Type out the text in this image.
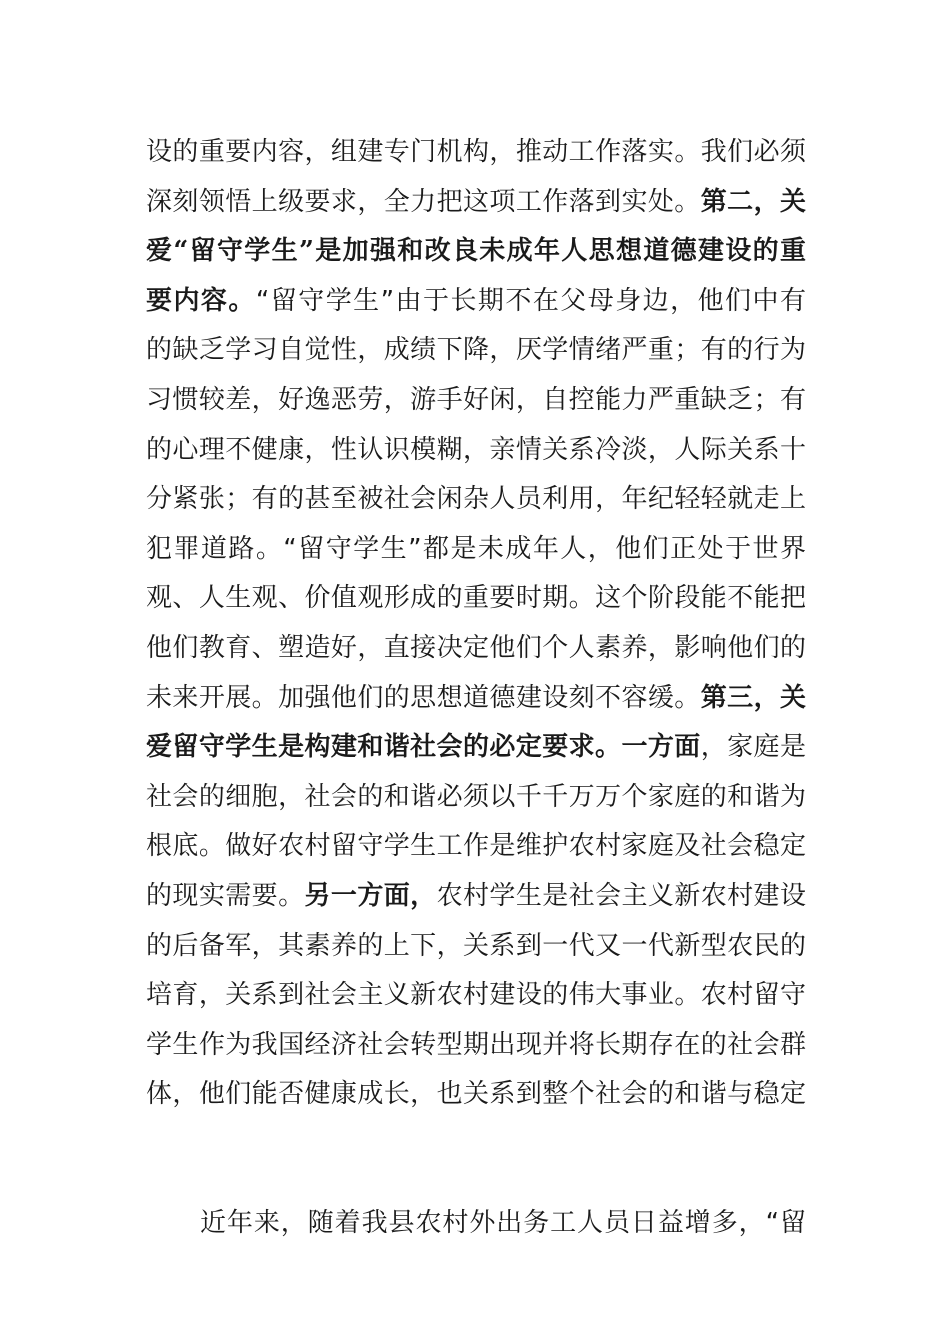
设的重要内容，组建专门机构，推动工作落实。我们必须
深刻领悟上级要求，全力把这项工作落到实处。第二，关
爱“留守学生”是加强和改良未成年人思想道德建设的重
要内容。“留守学生”由于长期不在父母身边，他们中有
的缺乏学习自觉性，成绩下降，厌学情绪严重；有的行为
习惯较差，好逸恶劳，游手好闲，自控能力严重缺乏；有
的心理不健康，性认识模糊，亲情关系冷淡，人际关系十
分紧张；有的甚至被社会闲杂人员利用，年纪轻轻就走上
犯罪道路。“留守学生”都是未成年人，他们正处于世界
观、人生观、价值观形成的重要时期。这个阶段能不能把
他们教育、塑造好，直接决定他们个人素养，影响他们的
未来开展。加强他们的思想道德建设刻不容缓。第三，关
爱留守学生是构建和谐社会的必定要求。一方面，家庭是
社会的细胞，社会的和谐必须以千千万万个家庭的和谐为
根底。做好农村留守学生工作是维护农村家庭及社会稳定
的现实需要。另一方面，农村学生是社会主义新农村建设
的后备军，其素养的上下，关系到一代又一代新型农民的
培育，关系到社会主义新农村建设的伟大事业。农村留守
学生作为我国经济社会转型期出现并将长期存在的社会群
体，他们能否健康成长，也关系到整个社会的和谐与稳定
近年来，随着我县农村外出务工人员日益增多，“留
